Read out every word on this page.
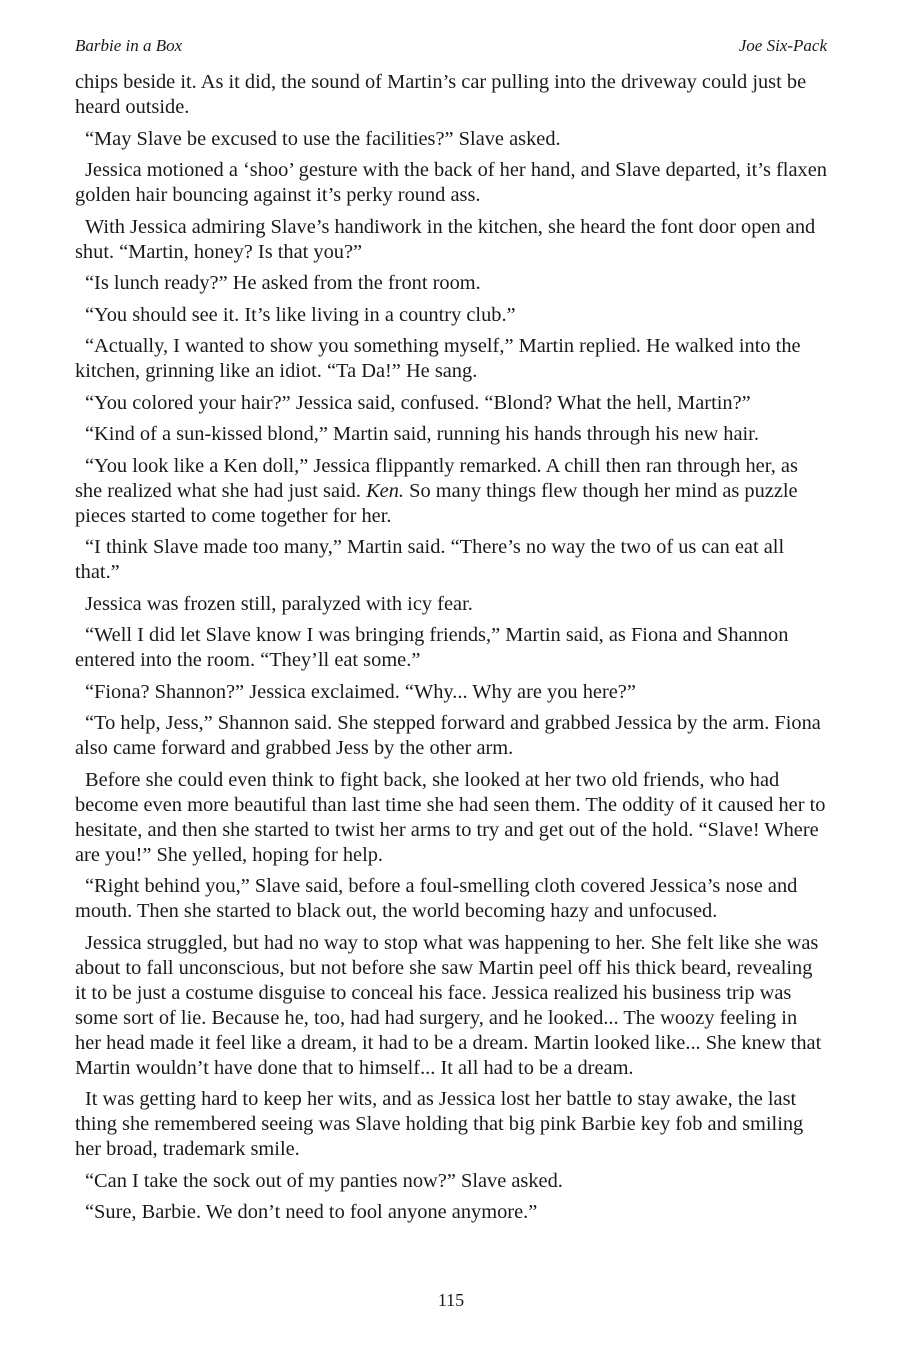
Barbie in a Box	Joe Six-Pack

chips beside it. As it did, the sound of Martin’s car pulling into the driveway could just be heard outside.

“May Slave be excused to use the facilities?” Slave asked.

Jessica motioned a ‘shoo’ gesture with the back of her hand, and Slave departed, it’s flaxen golden hair bouncing against it’s perky round ass.

With Jessica admiring Slave’s handiwork in the kitchen, she heard the font door open and shut. “Martin, honey? Is that you?”

“Is lunch ready?” He asked from the front room.

“You should see it. It’s like living in a country club.”

“Actually, I wanted to show you something myself,” Martin replied. He walked into the kitchen, grinning like an idiot. “Ta Da!” He sang.

“You colored your hair?” Jessica said, confused. “Blond? What the hell, Martin?”

“Kind of a sun-kissed blond,” Martin said, running his hands through his new hair.

“You look like a Ken doll,” Jessica flippantly remarked. A chill then ran through her, as she realized what she had just said. Ken. So many things flew though her mind as puzzle pieces started to come together for her.

“I think Slave made too many,” Martin said. “There’s no way the two of us can eat all that.”

Jessica was frozen still, paralyzed with icy fear.

“Well I did let Slave know I was bringing friends,” Martin said, as Fiona and Shannon entered into the room. “They’ll eat some.”

“Fiona? Shannon?” Jessica exclaimed. “Why... Why are you here?”

“To help, Jess,” Shannon said. She stepped forward and grabbed Jessica by the arm. Fiona also came forward and grabbed Jess by the other arm.

Before she could even think to fight back, she looked at her two old friends, who had become even more beautiful than last time she had seen them. The oddity of it caused her to hesitate, and then she started to twist her arms to try and get out of the hold. “Slave! Where are you!” She yelled, hoping for help.

“Right behind you,” Slave said, before a foul-smelling cloth covered Jessica’s nose and mouth. Then she started to black out, the world becoming hazy and unfocused.

Jessica struggled, but had no way to stop what was happening to her. She felt like she was about to fall unconscious, but not before she saw Martin peel off his thick beard, revealing it to be just a costume disguise to conceal his face. Jessica realized his business trip was some sort of lie. Because he, too, had had surgery, and he looked... The woozy feeling in her head made it feel like a dream, it had to be a dream. Martin looked like... She knew that Martin wouldn’t have done that to himself... It all had to be a dream.

It was getting hard to keep her wits, and as Jessica lost her battle to stay awake, the last thing she remembered seeing was Slave holding that big pink Barbie key fob and smiling her broad, trademark smile.

“Can I take the sock out of my panties now?” Slave asked.

“Sure, Barbie. We don’t need to fool anyone anymore.”

115
